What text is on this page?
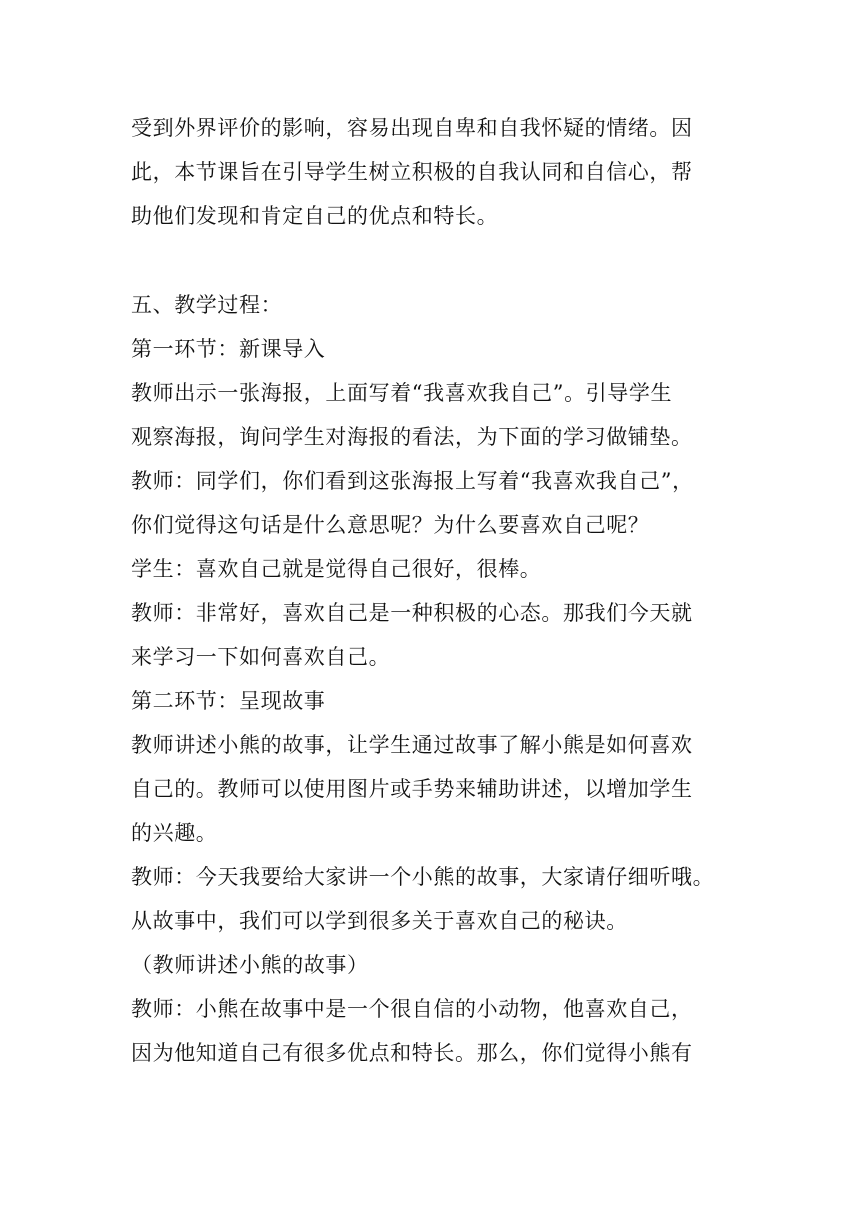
受到外界评价的影响，容易出现自卑和自我怀疑的情绪。因
此，本节课旨在引导学生树立积极的自我认同和自信心，帮
助他们发现和肯定自己的优点和特长。
五、教学过程：
第一环节：新课导入
教师出示一张海报，上面写着“我喜欢我自己”。引导学生
观察海报，询问学生对海报的看法，为下面的学习做铺垫。
教师：同学们，你们看到这张海报上写着“我喜欢我自己”，
你们觉得这句话是什么意思呢？为什么要喜欢自己呢？
学生：喜欢自己就是觉得自己很好，很棒。
教师：非常好，喜欢自己是一种积极的心态。那我们今天就
来学习一下如何喜欢自己。
第二环节：呈现故事
教师讲述小熊的故事，让学生通过故事了解小熊是如何喜欢
自己的。教师可以使用图片或手势来辅助讲述，以增加学生
的兴趣。
教师：今天我要给大家讲一个小熊的故事，大家请仔细听哦。
从故事中，我们可以学到很多关于喜欢自己的秘诀。
（教师讲述小熊的故事）
教师：小熊在故事中是一个很自信的小动物，他喜欢自己，
因为他知道自己有很多优点和特长。那么，你们觉得小熊有
